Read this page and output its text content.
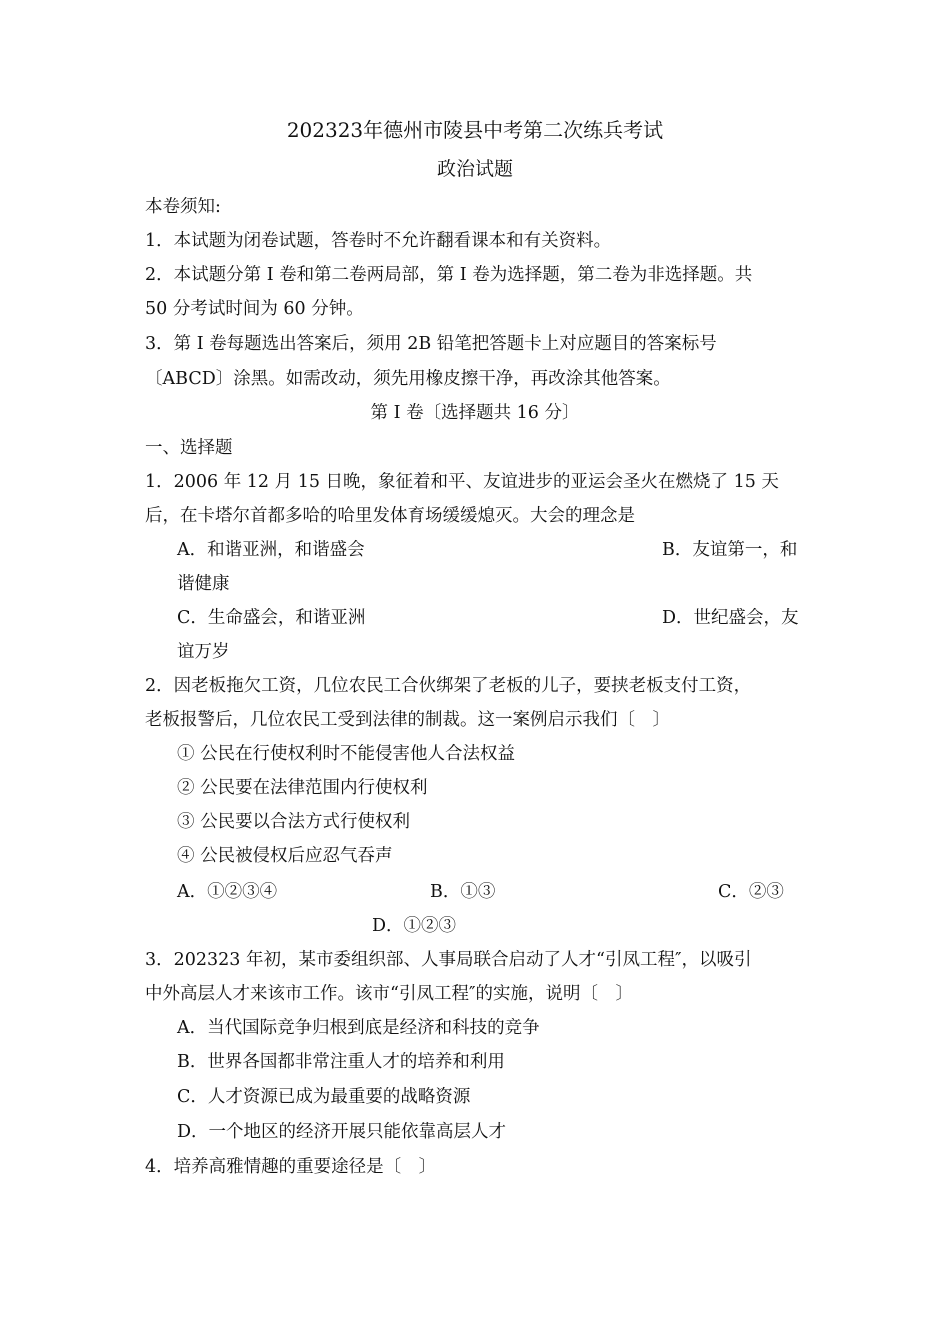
202323年德州市陵县中考第二次练兵考试
政治试题
本卷须知:
1．本试题为闭卷试题，答卷时不允许翻看课本和有关资料。
2．本试题分第 I 卷和第二卷两局部，第 I 卷为选择题，第二卷为非选择题。共
50 分考试时间为 60 分钟。
3．第 I 卷每题选出答案后，须用 2B 铅笔把答题卡上对应题目的答案标号
〔ABCD〕涂黑。如需改动，须先用橡皮擦干净，再改涂其他答案。
第 I 卷〔选择题共 16 分〕
一、选择题
1．2006 年 12 月 15 日晚，象征着和平、友谊进步的亚运会圣火在燃烧了 15 天
后，在卡塔尔首都多哈的哈里发体育场缓缓熄灭。大会的理念是
A．和谐亚洲，和谐盛会	B．友谊第一，和
谐健康
C．生命盛会，和谐亚洲	D．世纪盛会，友
谊万岁
2．因老板拖欠工资，几位农民工合伙绑架了老板的儿子，要挟老板支付工资，
老板报警后，几位农民工受到法律的制裁。这一案例启示我们〔　〕
① 公民在行使权利时不能侵害他人合法权益
② 公民要在法律范围内行使权利
③ 公民要以合法方式行使权利
④ 公民被侵权后应忍气吞声
A．①②③④	B．①③	C．②③
D．①②③
3．202323 年初，某市委组织部、人事局联合启动了人才“引凤工程″，以吸引
中外高层人才来该市工作。该市“引凤工程″的实施，说明〔　〕
A．当代国际竞争归根到底是经济和科技的竞争
B．世界各国都非常注重人才的培养和利用
C．人才资源已成为最重要的战略资源
D．一个地区的经济开展只能依靠高层人才
4．培养高雅情趣的重要途径是〔　〕
